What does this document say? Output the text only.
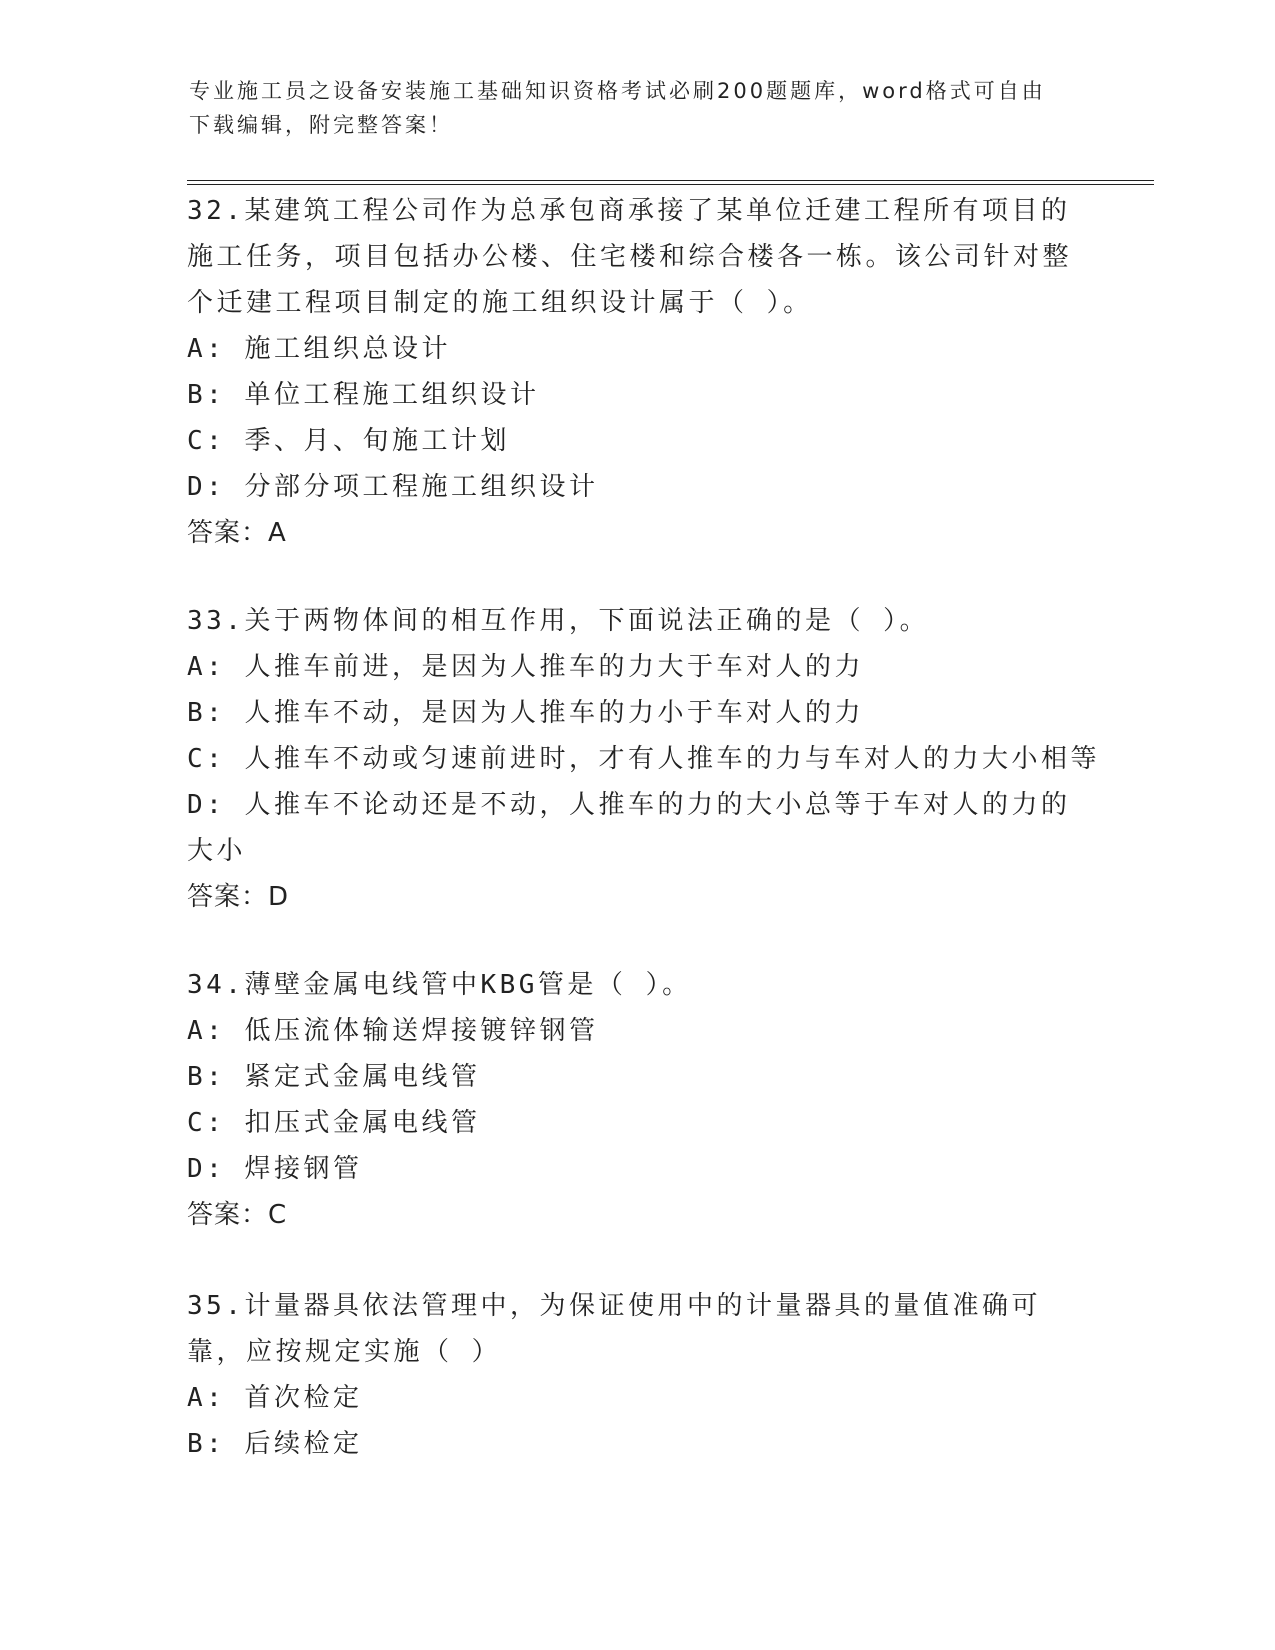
专业施工员之设备安装施工基础知识资格考试必刷200题题库，word格式可自由
下载编辑，附完整答案！

32.某建筑工程公司作为总承包商承接了某单位迁建工程所有项目的施工任务，项目包括办公楼、住宅楼和综合楼各一栋。该公司针对整个迁建工程项目制定的施工组织设计属于（ ）。

A: 施工组织总设计

B: 单位工程施工组织设计

C: 季、月、旬施工计划

D: 分部分项工程施工组织设计

答案：A

33.关于两物体间的相互作用，下面说法正确的是（ ）。

A: 人推车前进，是因为人推车的力大于车对人的力

B: 人推车不动，是因为人推车的力小于车对人的力

C: 人推车不动或匀速前进时，才有人推车的力与车对人的力大小相等

D: 人推车不论动还是不动，人推车的力的大小总等于车对人的力的大小

答案：D

34.薄壁金属电线管中KBG管是（ ）。

A: 低压流体输送焊接镀锌钢管

B: 紧定式金属电线管

C: 扣压式金属电线管

D: 焊接钢管

答案：C

35.计量器具依法管理中，为保证使用中的计量器具的量值准确可靠，应按规定实施（ ）

A: 首次检定

B: 后续检定
